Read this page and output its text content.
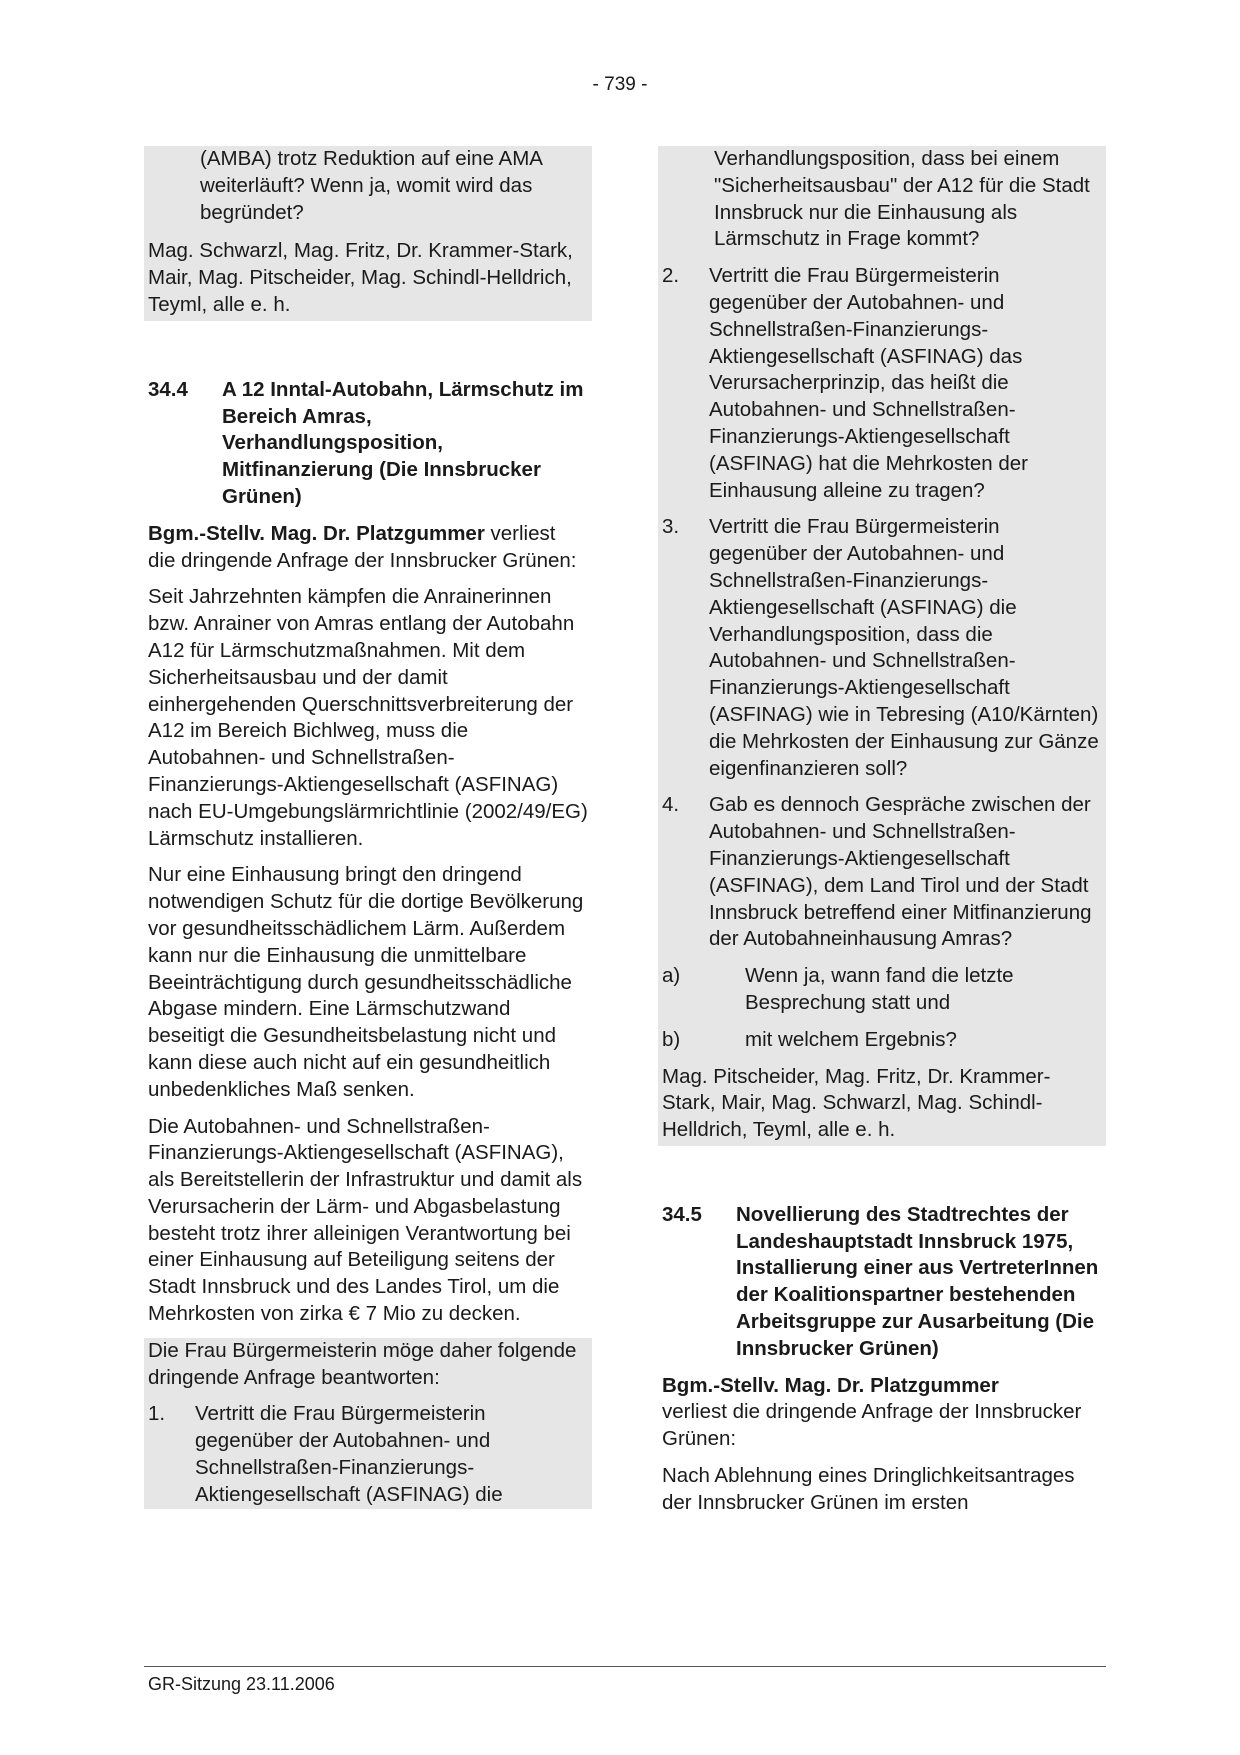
- 739 -

(AMBA) trotz Reduktion auf eine AMA weiterläuft? Wenn ja, womit wird das begründet?

Mag. Schwarzl, Mag. Fritz, Dr. Krammer-Stark, Mair, Mag. Pitscheider, Mag. Schindl-Helldrich, Teyml, alle e. h.

34.4	A 12 Inntal-Autobahn, Lärmschutz im Bereich Amras, Verhandlungsposition, Mitfinanzierung (Die Innsbrucker Grünen)

Bgm.-Stellv. Mag. Dr. Platzgummer verliest die dringende Anfrage der Innsbrucker Grünen:

Seit Jahrzehnten kämpfen die Anrainerinnen bzw. Anrainer von Amras entlang der Autobahn A12 für Lärmschutzmaßnahmen. Mit dem Sicherheitsausbau und der damit einhergehenden Querschnittsverbreiterung der A12 im Bereich Bichlweg, muss die Autobahnen- und Schnellstraßen-Finanzierungs-Aktiengesellschaft (ASFINAG) nach EU-Umgebungslärmrichtlinie (2002/49/EG) Lärmschutz installieren.

Nur eine Einhausung bringt den dringend notwendigen Schutz für die dortige Bevölkerung vor gesundheitsschädlichem Lärm. Außerdem kann nur die Einhausung die unmittelbare Beeinträchtigung durch gesundheitsschädliche Abgase mindern. Eine Lärmschutzwand beseitigt die Gesundheitsbelastung nicht und kann diese auch nicht auf ein gesundheitlich unbedenkliches Maß senken.

Die Autobahnen- und Schnellstraßen-Finanzierungs-Aktiengesellschaft (ASFINAG), als Bereitstellerin der Infrastruktur und damit als Verursacherin der Lärm- und Abgasbelastung besteht trotz ihrer alleinigen Verantwortung bei einer Einhausung auf Beteiligung seitens der Stadt Innsbruck und des Landes Tirol, um die Mehrkosten von zirka € 7 Mio zu decken.

Die Frau Bürgermeisterin möge daher folgende dringende Anfrage beantworten:

1.	Vertritt die Frau Bürgermeisterin gegenüber der Autobahnen- und Schnellstraßen-Finanzierungs-Aktiengesellschaft (ASFINAG) die

Verhandlungsposition, dass bei einem "Sicherheitsausbau" der A12 für die Stadt Innsbruck nur die Einhausung als Lärmschutz in Frage kommt?

2.	Vertritt die Frau Bürgermeisterin gegenüber der Autobahnen- und Schnellstraßen-Finanzierungs-Aktiengesellschaft (ASFINAG) das Verursacherprinzip, das heißt die Autobahnen- und Schnellstraßen-Finanzierungs-Aktiengesellschaft (ASFINAG) hat die Mehrkosten der Einhausung alleine zu tragen?
3.	Vertritt die Frau Bürgermeisterin gegenüber der Autobahnen- und Schnellstraßen-Finanzierungs-Aktiengesellschaft (ASFINAG) die Verhandlungsposition, dass die Autobahnen- und Schnellstraßen-Finanzierungs-Aktiengesellschaft (ASFINAG) wie in Tebresing (A10/Kärnten) die Mehrkosten der Einhausung zur Gänze eigenfinanzieren soll?
4.	Gab es dennoch Gespräche zwischen der Autobahnen- und Schnellstraßen-Finanzierungs-Aktiengesellschaft (ASFINAG), dem Land Tirol und der Stadt Innsbruck betreffend einer Mitfinanzierung der Autobahneinhausung Amras?
a)	Wenn ja, wann fand die letzte Besprechung statt und
b)	mit welchem Ergebnis?

Mag. Pitscheider, Mag. Fritz, Dr. Krammer-Stark, Mair, Mag. Schwarzl, Mag. Schindl-Helldrich, Teyml, alle e. h.

34.5	Novellierung des Stadtrechtes der Landeshauptstadt Innsbruck 1975, Installierung einer aus VertreterInnen der Koalitionspartner bestehenden Arbeitsgruppe zur Ausarbeitung (Die Innsbrucker Grünen)

Bgm.-Stellv. Mag. Dr. Platzgummer
verliest die dringende Anfrage der Innsbrucker Grünen:

Nach Ablehnung eines Dringlichkeitsantrages der Innsbrucker Grünen im ersten

GR-Sitzung 23.11.2006
